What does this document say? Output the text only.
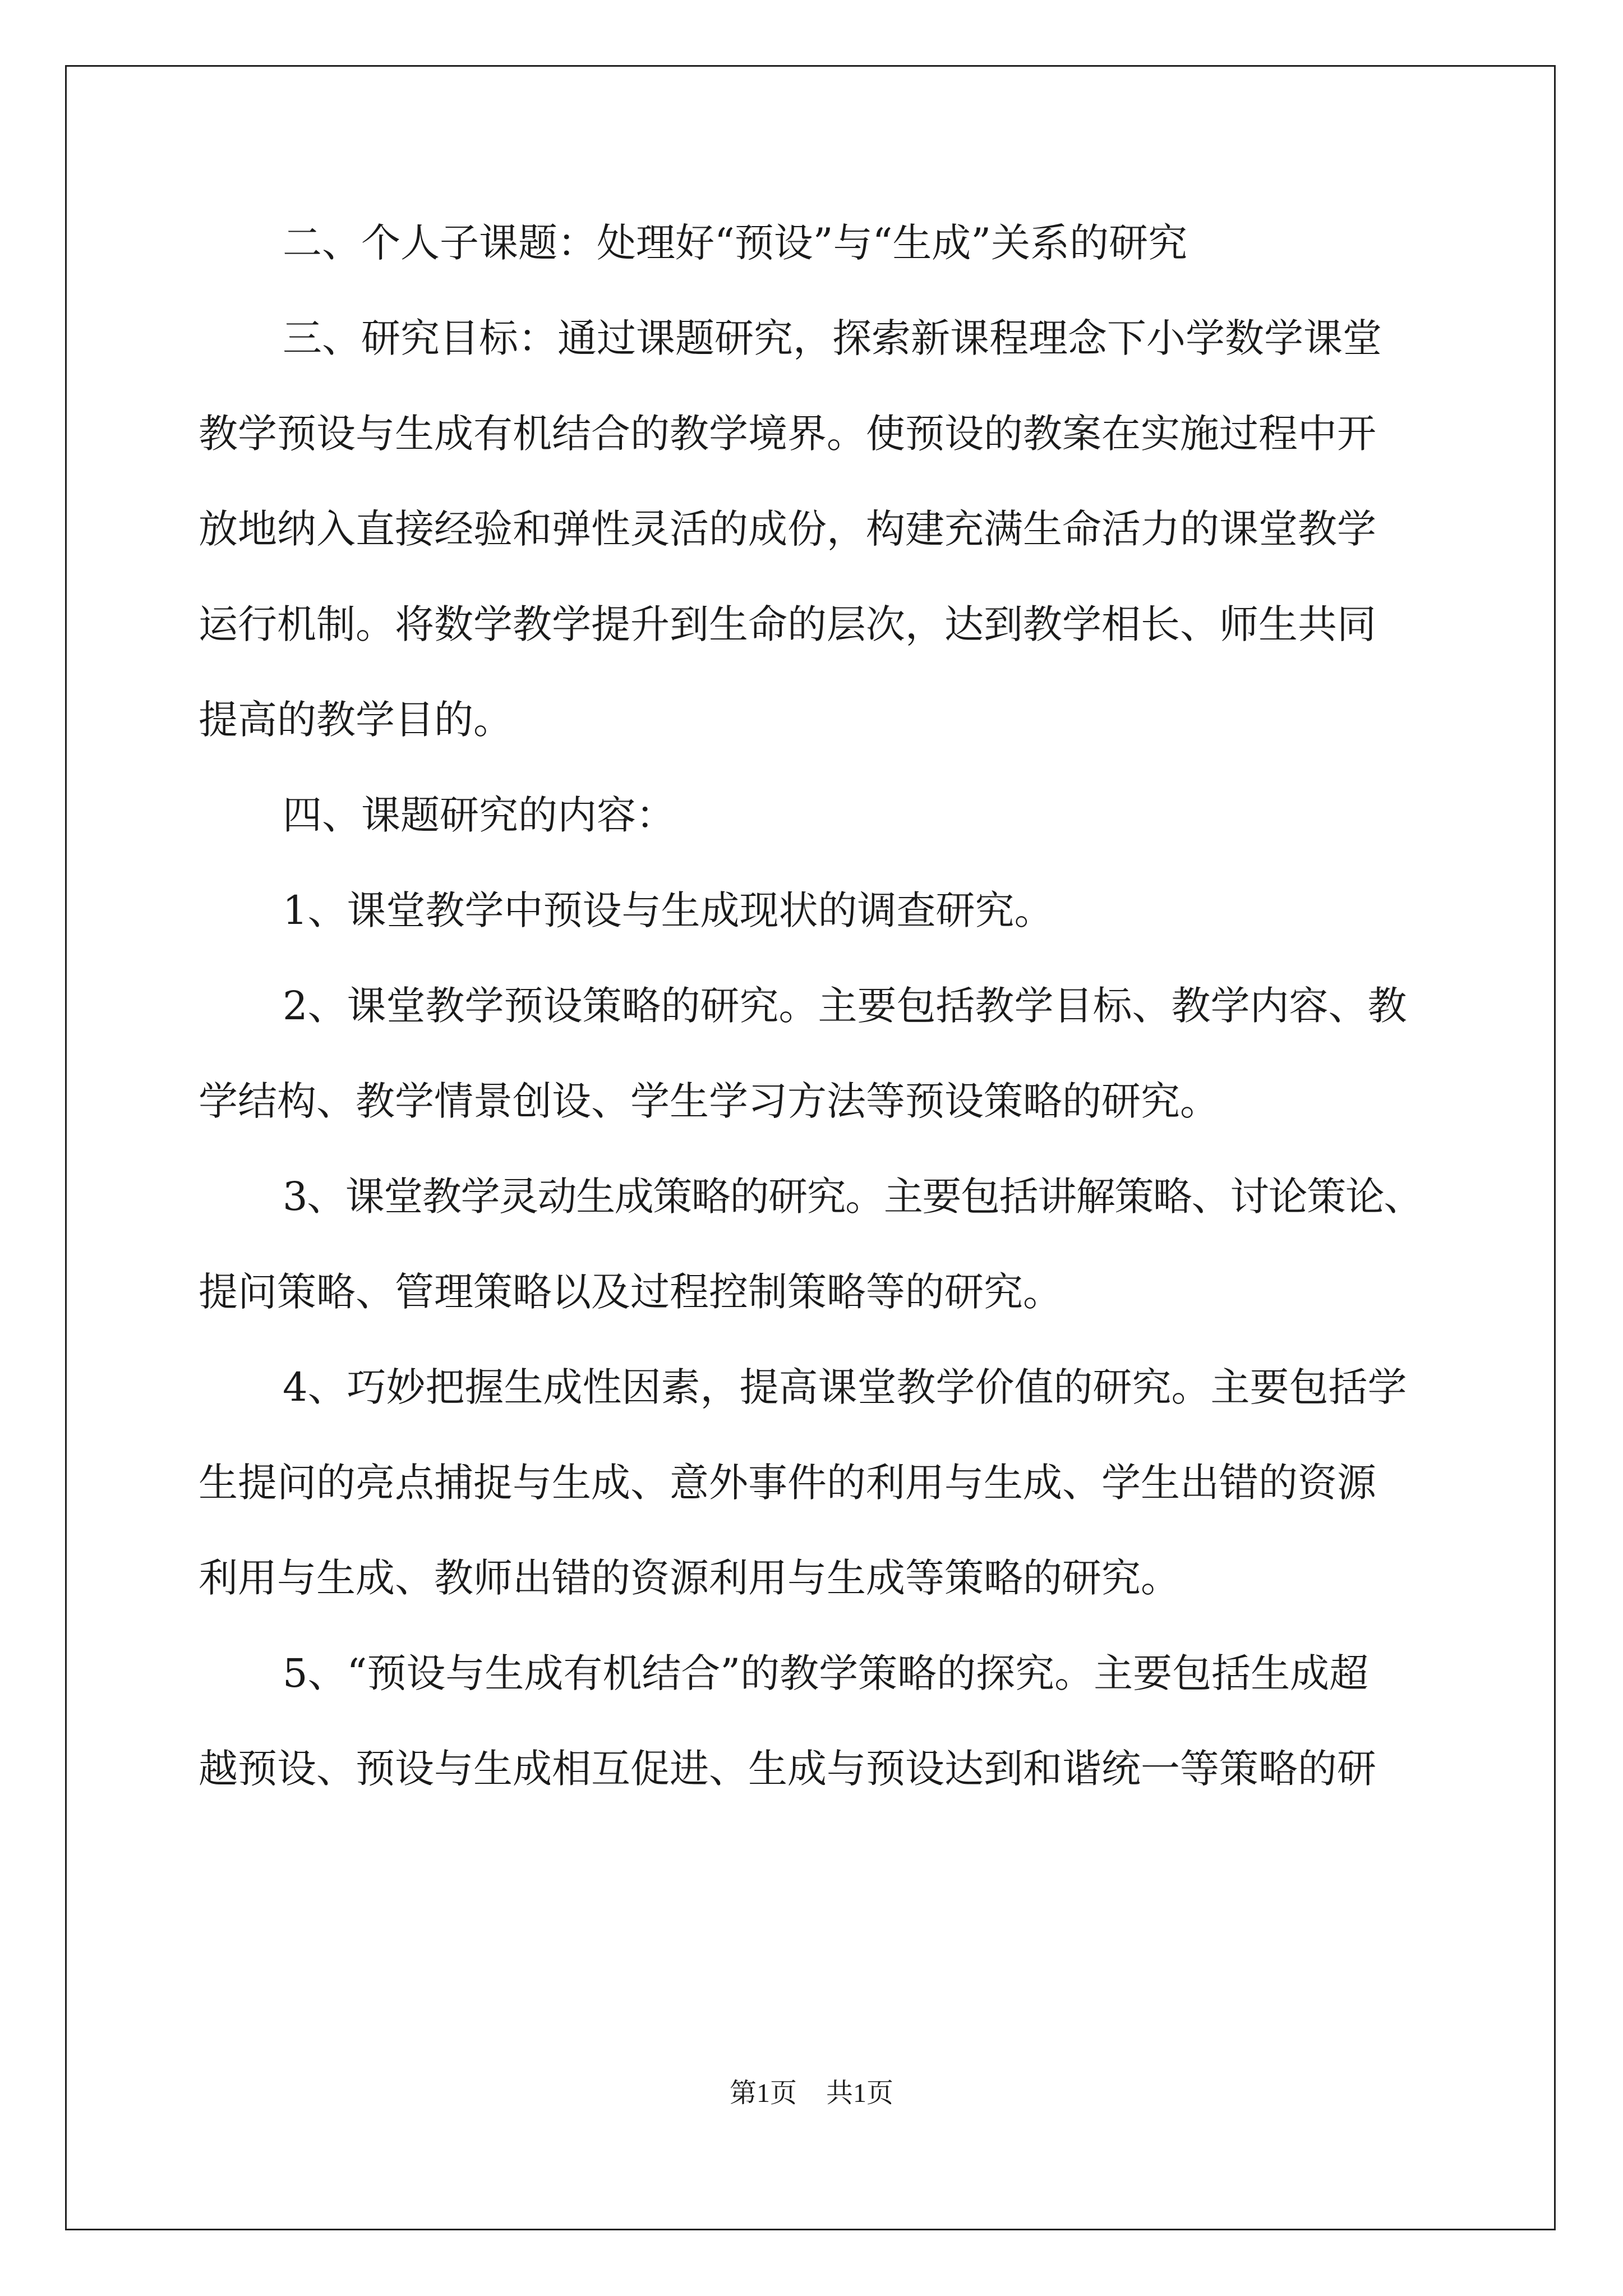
二、个人子课题：处理好“预设”与“生成”关系的研究
三、研究目标：通过课题研究，探索新课程理念下小学数学课堂
教学预设与生成有机结合的教学境界。使预设的教案在实施过程中开
放地纳入直接经验和弹性灵活的成份，构建充满生命活力的课堂教学
运行机制。将数学教学提升到生命的层次，达到教学相长、师生共同
提高的教学目的。
四、课题研究的内容：
1、课堂教学中预设与生成现状的调查研究。
2、课堂教学预设策略的研究。主要包括教学目标、教学内容、教
学结构、教学情景创设、学生学习方法等预设策略的研究。
3、课堂教学灵动生成策略的研究。主要包括讲解策略、讨论策论、
提问策略、管理策略以及过程控制策略等的研究。
4、巧妙把握生成性因素，提高课堂教学价值的研究。主要包括学
生提问的亮点捕捉与生成、意外事件的利用与生成、学生出错的资源
利用与生成、教师出错的资源利用与生成等策略的研究。
5、“预设与生成有机结合”的教学策略的探究。主要包括生成超
越预设、预设与生成相互促进、生成与预设达到和谐统一等策略的研
第1页 共1页
